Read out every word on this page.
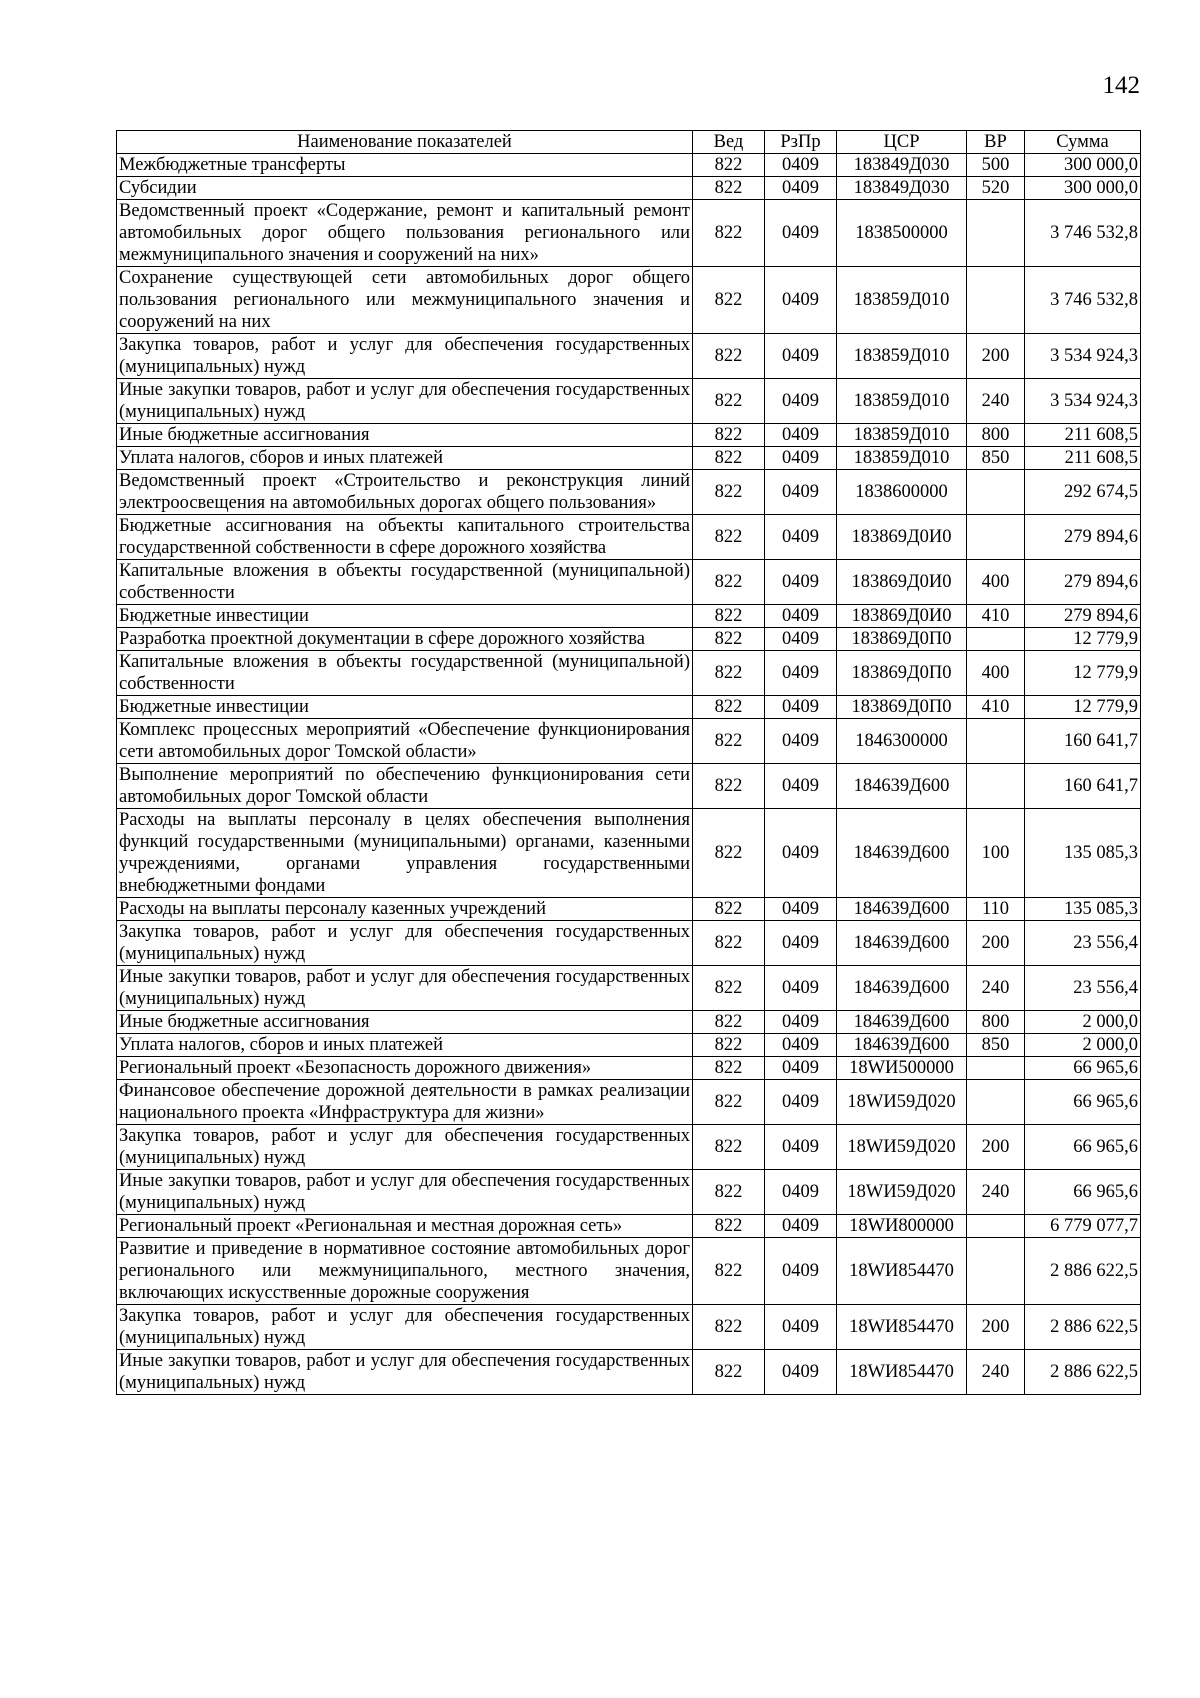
142
Наименование показателей	Вед	РзПр	ЦСР	ВР	Сумма
Межбюджетные трансферты	822	0409	183849Д030	500	300 000,0
Субсидии	822	0409	183849Д030	520	300 000,0
Ведомственный проект «Содержание, ремонт и капитальный ремонт автомобильных дорог общего пользования регионального или межмуниципального значения и сооружений на них»	822	0409	1838500000		3 746 532,8
Сохранение существующей сети автомобильных дорог общего пользования регионального или межмуниципального значения и сооружений на них	822	0409	183859Д010		3 746 532,8
Закупка товаров, работ и услуг для обеспечения государственных (муниципальных) нужд	822	0409	183859Д010	200	3 534 924,3
Иные закупки товаров, работ и услуг для обеспечения государственных (муниципальных) нужд	822	0409	183859Д010	240	3 534 924,3
Иные бюджетные ассигнования	822	0409	183859Д010	800	211 608,5
Уплата налогов, сборов и иных платежей	822	0409	183859Д010	850	211 608,5
Ведомственный проект «Строительство и реконструкция линий электроосвещения на автомобильных дорогах общего пользования»	822	0409	1838600000		292 674,5
Бюджетные ассигнования на объекты капитального строительства государственной собственности в сфере дорожного хозяйства	822	0409	183869Д0И0		279 894,6
Капитальные вложения в объекты государственной (муниципальной) собственности	822	0409	183869Д0И0	400	279 894,6
Бюджетные инвестиции	822	0409	183869Д0И0	410	279 894,6
Разработка проектной документации в сфере дорожного хозяйства	822	0409	183869Д0П0		12 779,9
Капитальные вложения в объекты государственной (муниципальной) собственности	822	0409	183869Д0П0	400	12 779,9
Бюджетные инвестиции	822	0409	183869Д0П0	410	12 779,9
Комплекс процессных мероприятий «Обеспечение функционирования сети автомобильных дорог Томской области»	822	0409	1846300000		160 641,7
Выполнение мероприятий по обеспечению функционирования сети автомобильных дорог Томской области	822	0409	184639Д600		160 641,7
Расходы на выплаты персоналу в целях обеспечения выполнения функций государственными (муниципальными) органами, казенными учреждениями, органами управления государственными внебюджетными фондами	822	0409	184639Д600	100	135 085,3
Расходы на выплаты персоналу казенных учреждений	822	0409	184639Д600	110	135 085,3
Закупка товаров, работ и услуг для обеспечения государственных (муниципальных) нужд	822	0409	184639Д600	200	23 556,4
Иные закупки товаров, работ и услуг для обеспечения государственных (муниципальных) нужд	822	0409	184639Д600	240	23 556,4
Иные бюджетные ассигнования	822	0409	184639Д600	800	2 000,0
Уплата налогов, сборов и иных платежей	822	0409	184639Д600	850	2 000,0
Региональный проект «Безопасность дорожного движения»	822	0409	18WИ500000		66 965,6
Финансовое обеспечение дорожной деятельности в рамках реализации национального проекта «Инфраструктура для жизни»	822	0409	18WИ59Д020		66 965,6
Закупка товаров, работ и услуг для обеспечения государственных (муниципальных) нужд	822	0409	18WИ59Д020	200	66 965,6
Иные закупки товаров, работ и услуг для обеспечения государственных (муниципальных) нужд	822	0409	18WИ59Д020	240	66 965,6
Региональный проект «Региональная и местная дорожная сеть»	822	0409	18WИ800000		6 779 077,7
Развитие и приведение в нормативное состояние автомобильных дорог регионального или межмуниципального, местного значения, включающих искусственные дорожные сооружения	822	0409	18WИ854470		2 886 622,5
Закупка товаров, работ и услуг для обеспечения государственных (муниципальных) нужд	822	0409	18WИ854470	200	2 886 622,5
Иные закупки товаров, работ и услуг для обеспечения государственных (муниципальных) нужд	822	0409	18WИ854470	240	2 886 622,5
